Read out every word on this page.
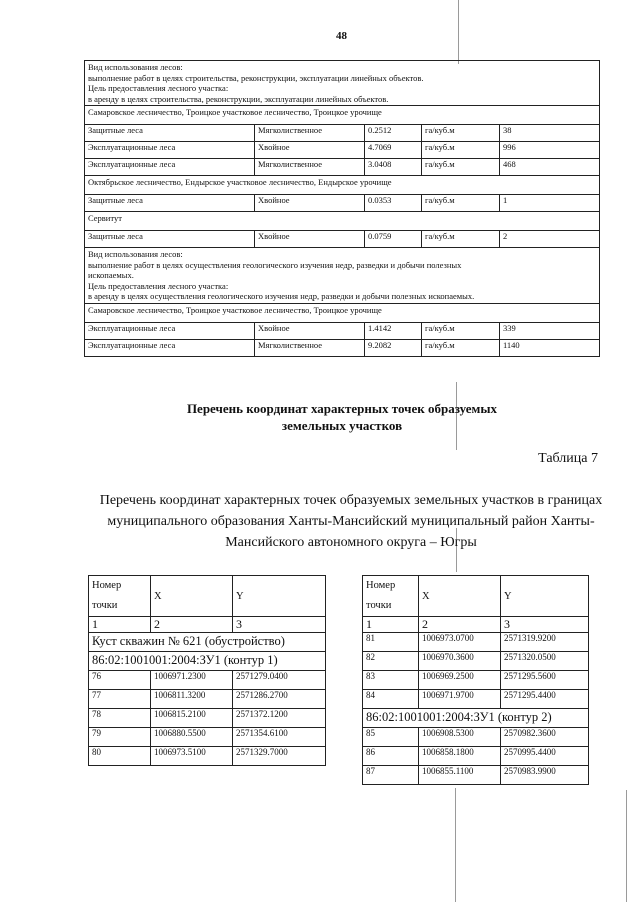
48
Вид использования лесов:
выполнение работ в целях строительства, реконструкции, эксплуатации линейных объектов.
Цель предоставления лесного участка:
в аренду в целях строительства, реконструкции, эксплуатации линейных объектов.				

Самаровское лесничество, Троицкое участковое лесничество, Троицкое урочище				

Защитные леса	Мягколиственное	0.2512	га/куб.м	38
Эксплуатационные леса	Хвойное	4.7069	га/куб.м	996
Эксплуатационные леса	Мягколиственное	3.0408	га/куб.м	468

Октябрьское лесничество, Ендырское участковое лесничество, Ендырское урочище				

Защитные леса	Хвойное	0.0353	га/куб.м	1

Сервитут				

Защитные леса	Хвойное	0.0759	га/куб.м	2

Вид использования лесов:
выполнение работ в целях осуществления геологического изучения недр, разведки и добычи полезных
ископаемых.
Цель предоставления лесного участка:
в аренду в целях осуществления геологического изучения недр, разведки и добычи полезных ископаемых.				

Самаровское лесничество, Троицкое участковое лесничество, Троицкое урочище				

Эксплуатационные леса	Хвойное	1.4142	га/куб.м	339
Эксплуатационные леса	Мягколиственное	9.2082	га/куб.м	1140
Перечень координат характерных точек образуемых
земельных участков
Таблица 7
Перечень координат характерных точек образуемых земельных участков в границах муниципального образования Ханты-Мансийский муниципальный район Ханты-Мансийского автономного округа – Югры
Номер
точки	X	Y
1	2	3
Куст скважин № 621 (обустройство)		
86:02:1001001:2004:ЗУ1 (контур 1)		
76	1006971.2300	2571279.0400
77	1006811.3200	2571286.2700
78	1006815.2100	2571372.1200
79	1006880.5500	2571354.6100
80	1006973.5100	2571329.7000
Номер
точки	X	Y
1	2	3
81	1006973.0700	2571319.9200
82	1006970.3600	2571320.0500
83	1006969.2500	2571295.5600
84	1006971.9700	2571295.4400
86:02:1001001:2004:ЗУ1 (контур 2)		
85	1006908.5300	2570982.3600
86	1006858.1800	2570995.4400
87	1006855.1100	2570983.9900
